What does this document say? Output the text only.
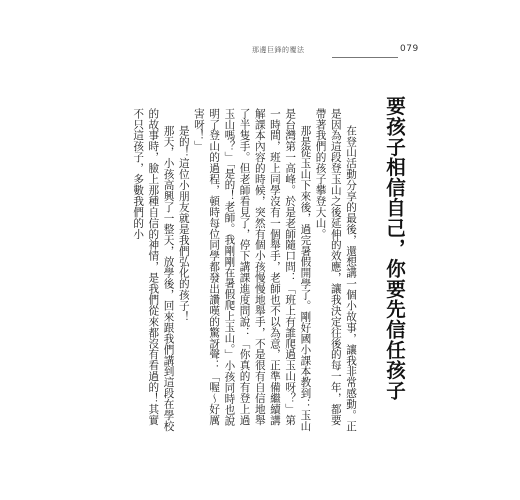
那邊巨鋒的覆法	079
要孩子相信自己，你要先信任孩子

在登山活動分享的最後，還想講一個小故事，讓我非常感動。正是因為這段登玉山之後延伸的效應，讓我決定往後的每一年，都要帶著我們的孩子攀登大山。

那是從玉山下來後，過完暑假開學了。剛好國小課本教到：玉山是台灣第一高峰。於是老師隨口問：「班上有誰爬過玉山呀？」第一時間，班上同學沒有一個舉手，老師也不以為意，正準備繼續講解課本內容的時候，突然有個小孩慢慢地舉手，不是很有自信地舉了半隻手。但老師看見了，停下講課進度問說：「你真的有登上過玉山嗎？」「是的！老師。我剛剛在暑假爬上玉山。」小孩同時也說明了登山的過程，頓時每位同學都發出讚嘆的驚訝聲：「喔～好厲害呀！」

是的！這位小朋友就是我們弘化的孩子！

那天，小孩高興了一整天，放學後，回來跟我們講到這段在學校的故事時，臉上那種自信的神情，是我們從來都沒有看過的！其實不只這孩子，多數我們的小
